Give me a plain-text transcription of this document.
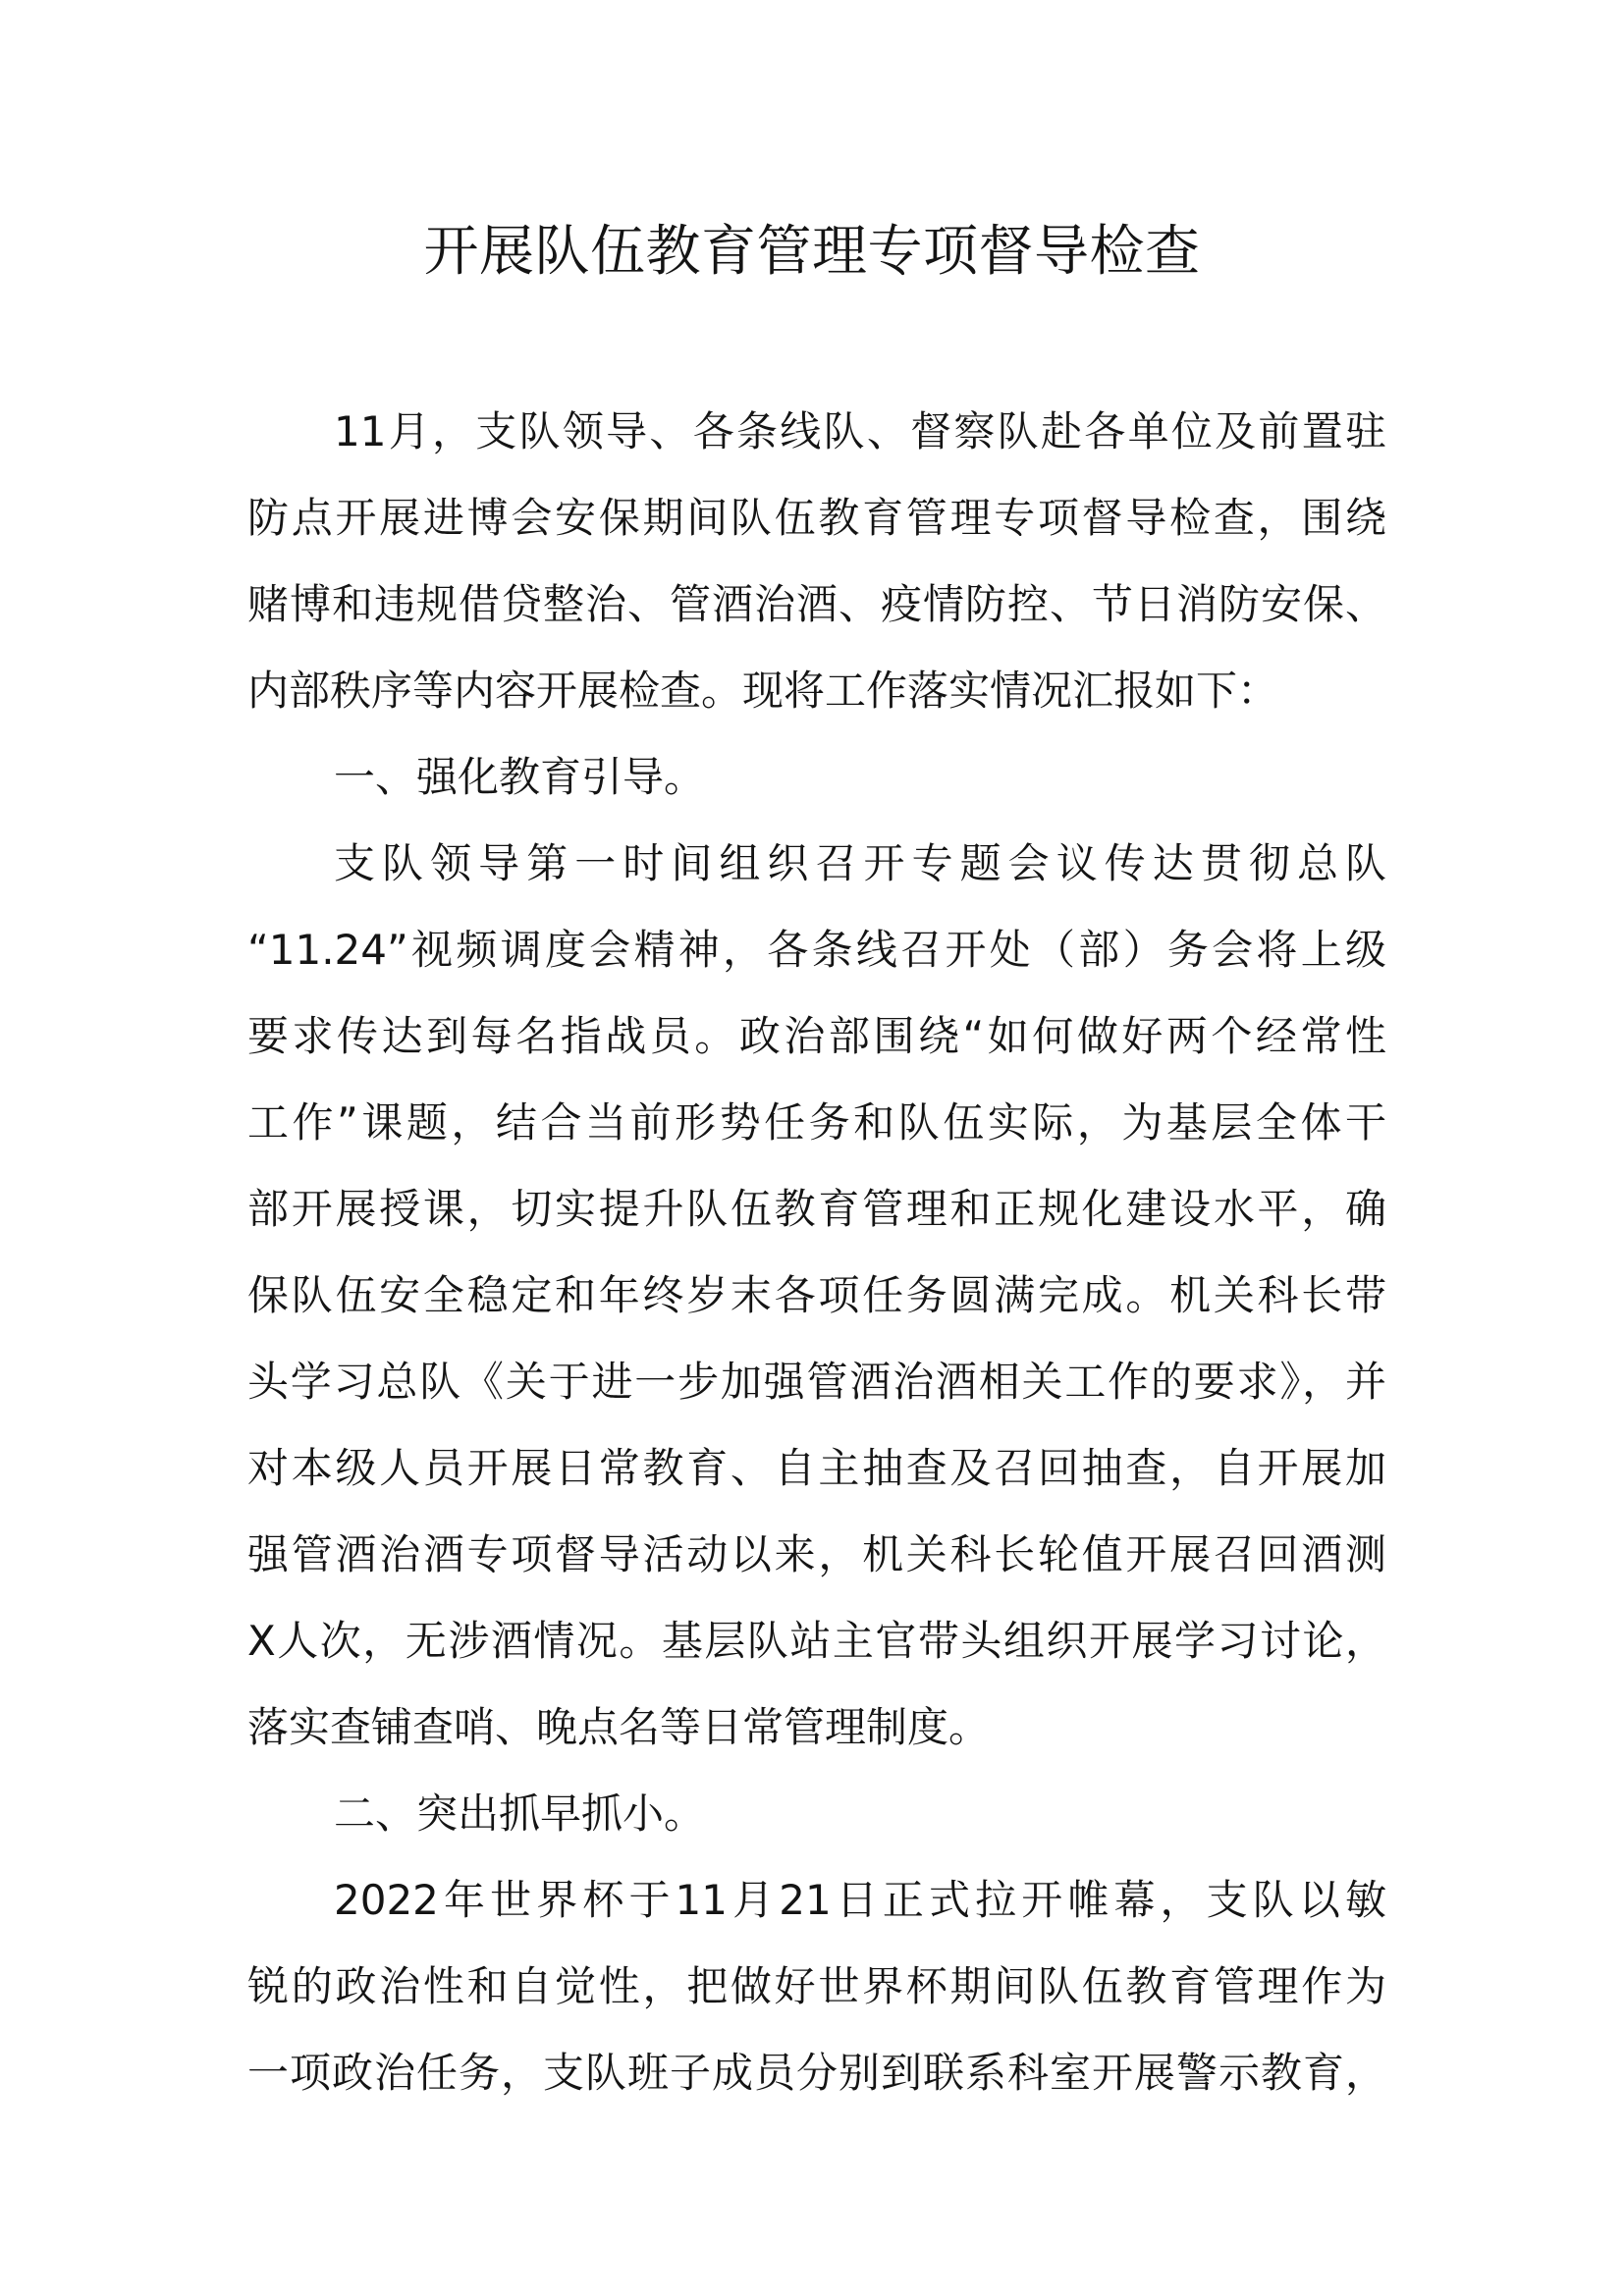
开展队伍教育管理专项督导检查
11月，支队领导、各条线队、督察队赴各单位及前置驻
防点开展进博会安保期间队伍教育管理专项督导检查，围绕
赌博和违规借贷整治、管酒治酒、疫情防控、节日消防安保、
内部秩序等内容开展检查。现将工作落实情况汇报如下：
一、强化教育引导。
支队领导第一时间组织召开专题会议传达贯彻总队
“11.24”视频调度会精神，各条线召开处（部）务会将上级
要求传达到每名指战员。政治部围绕“如何做好两个经常性
工作”课题，结合当前形势任务和队伍实际，为基层全体干
部开展授课，切实提升队伍教育管理和正规化建设水平，确
保队伍安全稳定和年终岁末各项任务圆满完成。机关科长带
头学习总队《关于进一步加强管酒治酒相关工作的要求》，并
对本级人员开展日常教育、自主抽查及召回抽查，自开展加
强管酒治酒专项督导活动以来，机关科长轮值开展召回酒测
X人次，无涉酒情况。基层队站主官带头组织开展学习讨论，
落实查铺查哨、晚点名等日常管理制度。
二、突出抓早抓小。
2022年世界杯于11月21日正式拉开帷幕，支队以敏
锐的政治性和自觉性，把做好世界杯期间队伍教育管理作为
一项政治任务，支队班子成员分别到联系科室开展警示教育，
